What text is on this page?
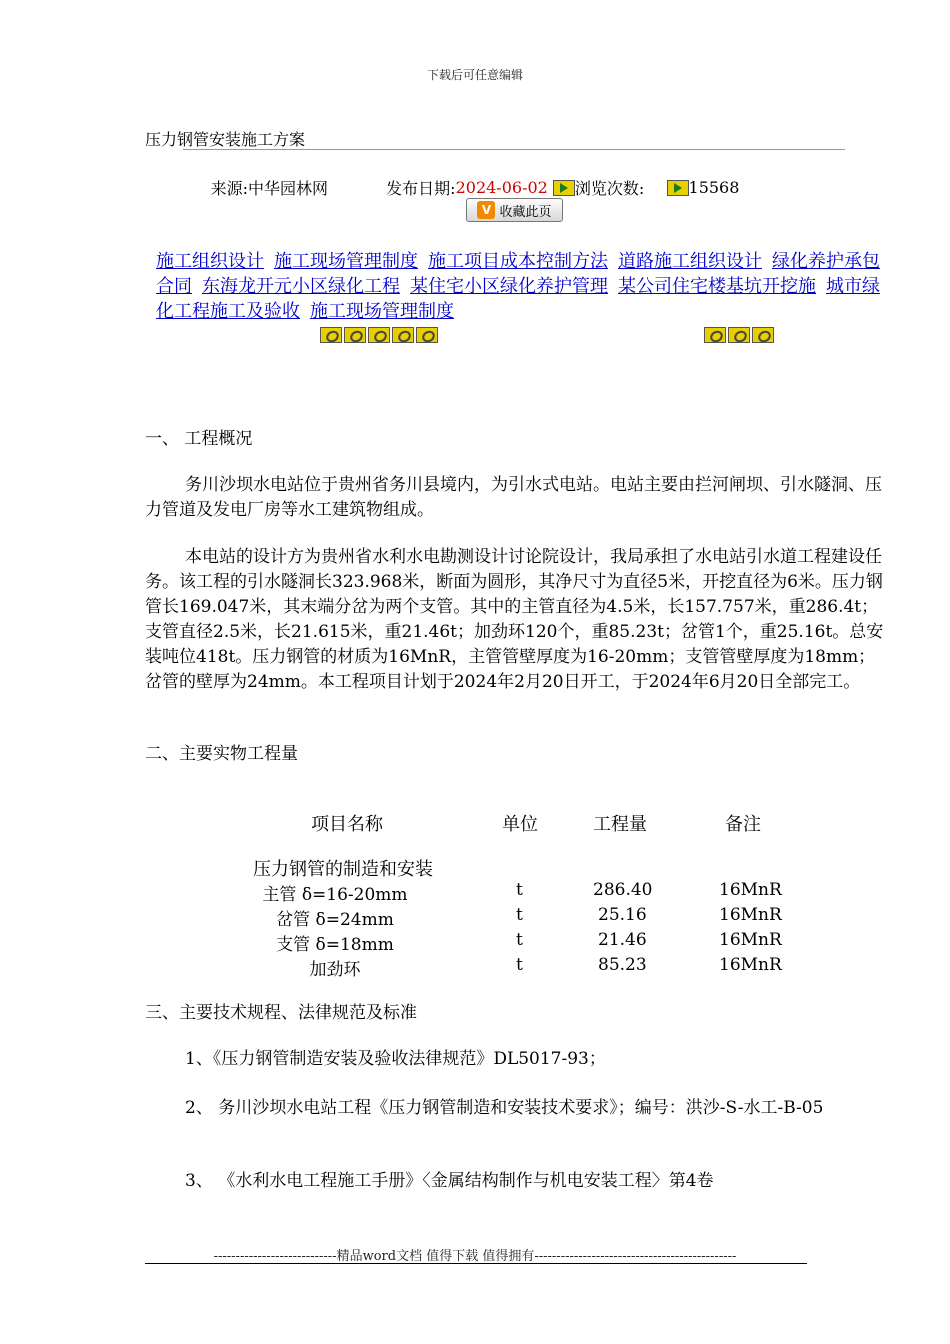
下载后可任意编辑
压力钢管安装施工方案
来源:中华园林网	发布日期:2024-06-02 浏览次数:	15568
V 收藏此页
施工组织设计 施工现场管理制度 施工项目成本控制方法 道路施工组织设计 绿化养护承包合同 东海龙开元小区绿化工程 某住宅小区绿化养护管理 某公司住宅楼基坑开挖施 城市绿化工程施工及验收 施工现场管理制度
一、 工程概况
务川沙坝水电站位于贵州省务川县境内，为引水式电站。电站主要由拦河闸坝、引水隧洞、压力管道及发电厂房等水工建筑物组成。
本电站的设计方为贵州省水利水电勘测设计讨论院设计，我局承担了水电站引水道工程建设任务。该工程的引水隧洞长323.968米，断面为圆形，其净尺寸为直径5米，开挖直径为6米。压力钢管长169.047米，其末端分岔为两个支管。其中的主管直径为4.5米，长157.757米，重286.4t；支管直径2.5米，长21.615米，重21.46t；加劲环120个，重85.23t；岔管1个，重25.16t。总安装吨位418t。压力钢管的材质为16MnR，主管管壁厚度为16-20mm；支管管壁厚度为18mm；岔管的壁厚为24mm。本工程项目计划于2024年2月20日开工，于2024年6月20日全部完工。
二、主要实物工程量
项目名称	单位	工程量	备注
压力钢管的制造和安装
主管 δ=16-20mm	t	286.40	16MnR
岔管 δ=24mm	t	25.16	16MnR
支管 δ=18mm	t	21.46	16MnR
加劲环	t	85.23	16MnR
三、主要技术规程、法律规范及标准
1、《压力钢管制造安装及验收法律规范》DL5017-93；
2、 务川沙坝水电站工程《压力钢管制造和安装技术要求》；编号：洪沙-S-水工-B-05
3、 《水利水电工程施工手册》〈金属结构制作与机电安装工程〉第4卷
----------------------------精品word文档 值得下载 值得拥有----------------------------------------------
